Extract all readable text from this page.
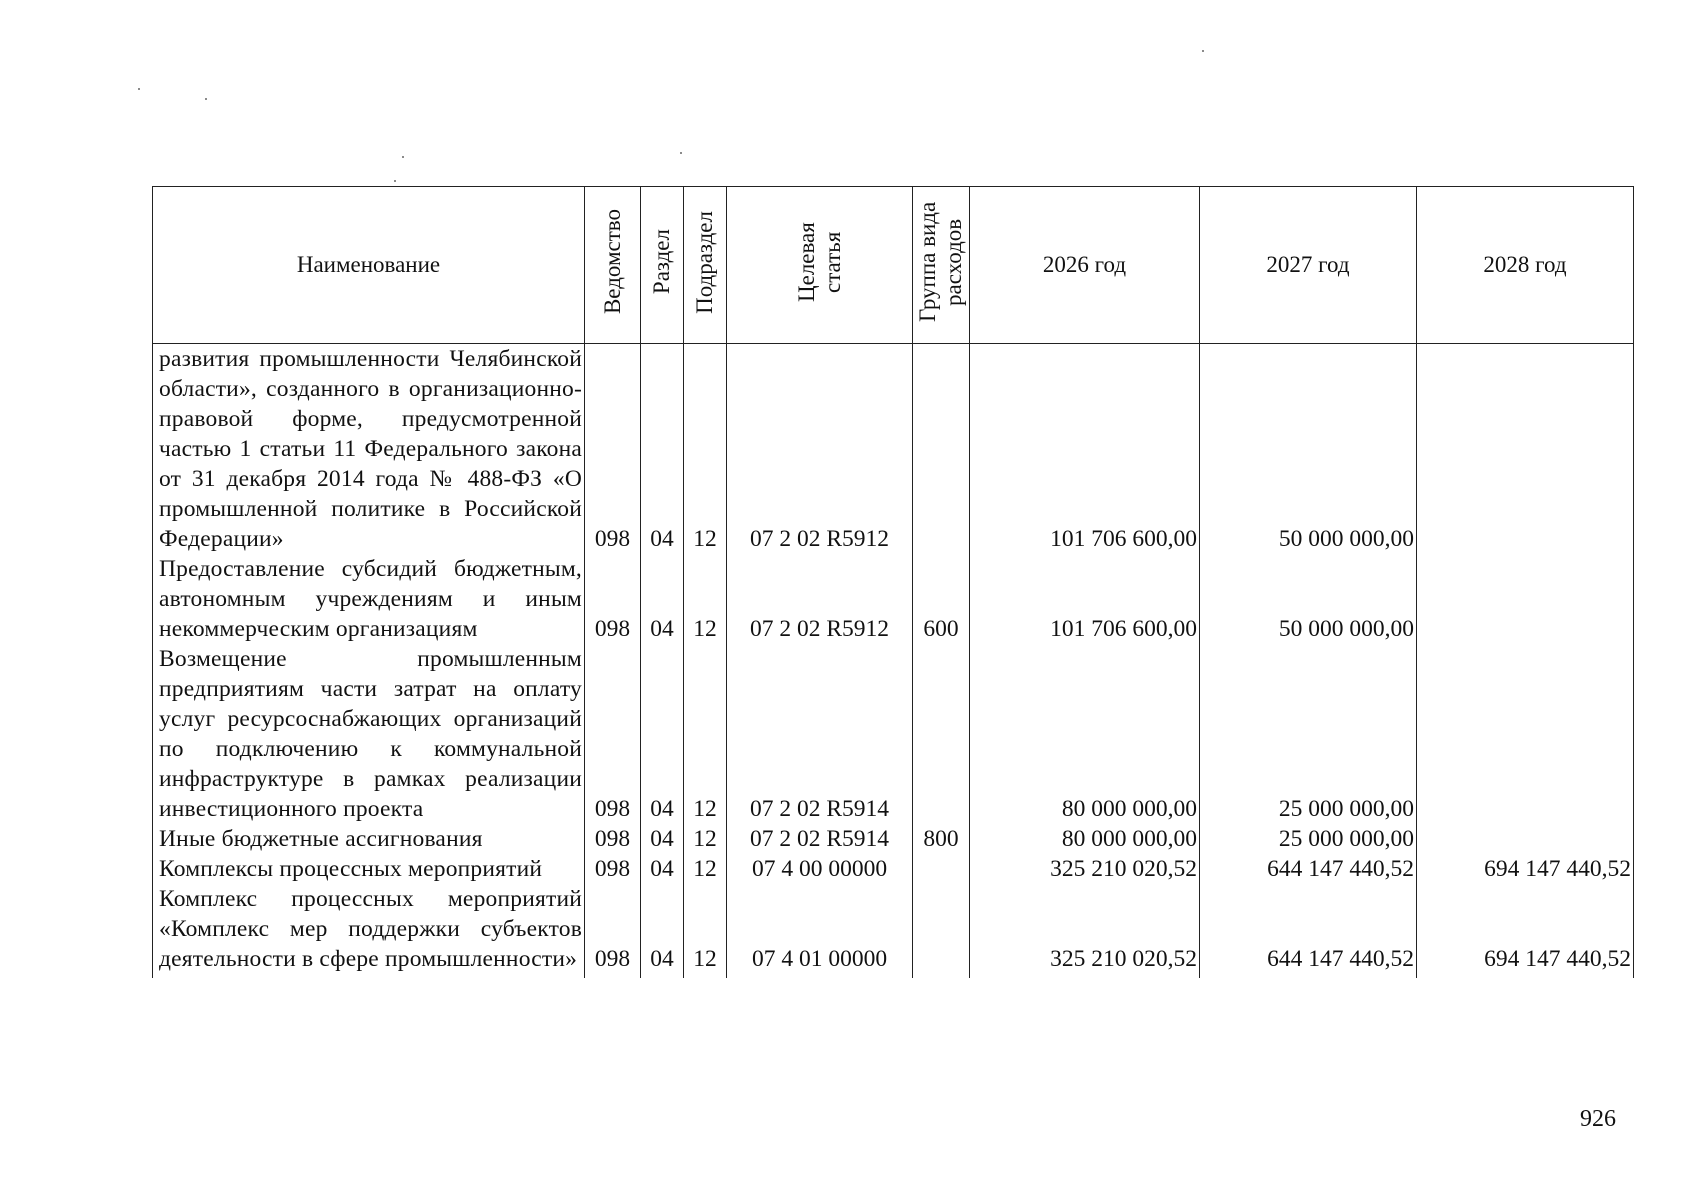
Наименование	Ведомство	Раздел	Подраздел	Целевая статья	Группа вида расходов	2026 год	2027 год	2028 год
развития промышленности Челябинской области», созданного в организационно-правовой форме, предусмотренной частью 1 статьи 11 Федерального закона от 31 декабря 2014 года № 488-ФЗ «О промышленной политике в Российской Федерации»	098	04	12	07 2 02 R5912		101 706 600,00	50 000 000,00	
Предоставление субсидий бюджетным, автономным учреждениям и иным некоммерческим организациям	098	04	12	07 2 02 R5912	600	101 706 600,00	50 000 000,00	
Возмещение промышленным предприятиям части затрат на оплату услуг ресурсоснабжающих организаций по подключению к коммунальной инфраструктуре в рамках реализации инвестиционного проекта	098	04	12	07 2 02 R5914		80 000 000,00	25 000 000,00	
Иные бюджетные ассигнования	098	04	12	07 2 02 R5914	800	80 000 000,00	25 000 000,00	
Комплексы процессных мероприятий	098	04	12	07 4 00 00000		325 210 020,52	644 147 440,52	694 147 440,52
Комплекс процессных мероприятий «Комплекс мер поддержки субъектов деятельности в сфере промышленности»	098	04	12	07 4 01 00000		325 210 020,52	644 147 440,52	694 147 440,52
926
